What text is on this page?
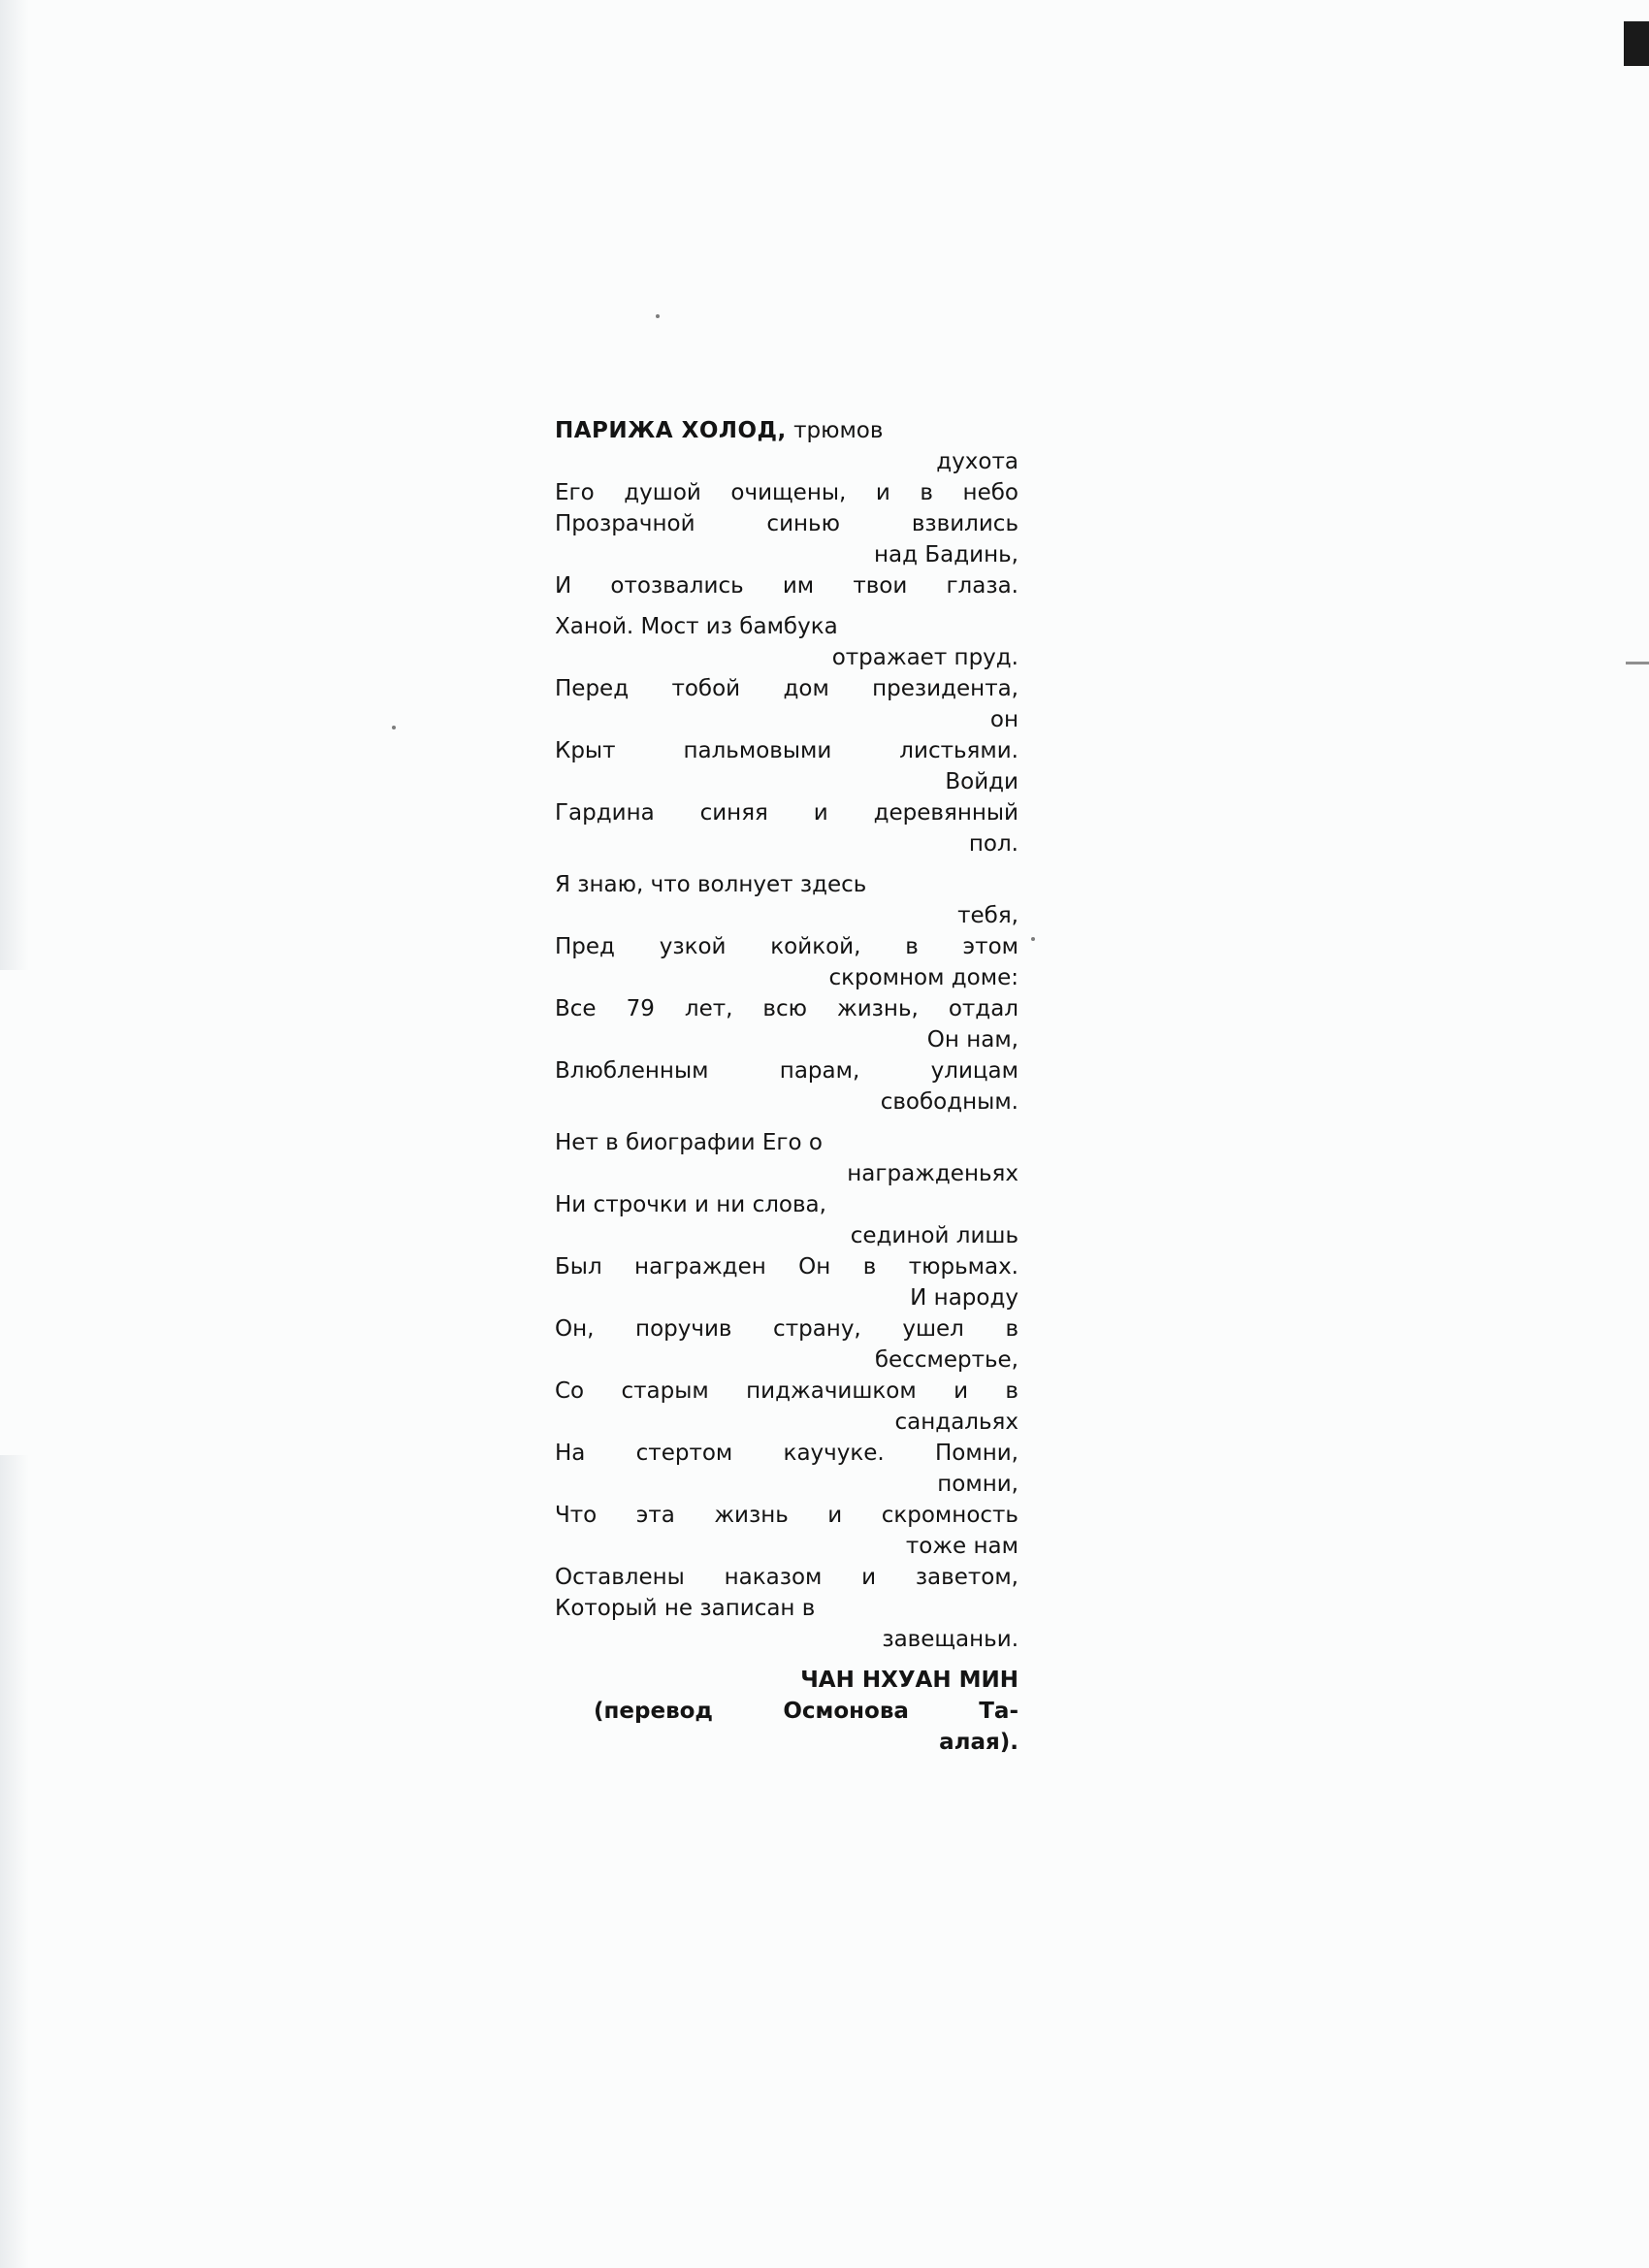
ПАРИЖА ХОЛОД, трюмов
духота
Его душой очищены, и в небо
Прозрачной синью взвились
над Бадинь,
И отозвались им твои глаза.
Ханой. Мост из бамбука
отражает пруд.
Перед тобой дом президента,
он
Крыт пальмовыми листьями.
Войди
Гардина синяя и деревянный
пол.
Я знаю, что волнует здесь
тебя,
Пред узкой койкой, в этом
скромном доме:
Все 79 лет, всю жизнь, отдал
Он нам,
Влюбленным парам, улицам
свободным.
Нет в биографии Его о
награжденьях
Ни строчки и ни слова,
сединой лишь
Был награжден Он в тюрьмах.
И народу
Он, поручив страну, ушел в
бессмертье,
Со старым пиджачишком и в
сандальях
На стертом каучуке. Помни,
помни,
Что эта жизнь и скромность
тоже нам
Оставлены наказом и заветом,
Который не записан в
завещаньи.
ЧАН НХУАН МИН
(перевод Осмонова Та-
алая).
